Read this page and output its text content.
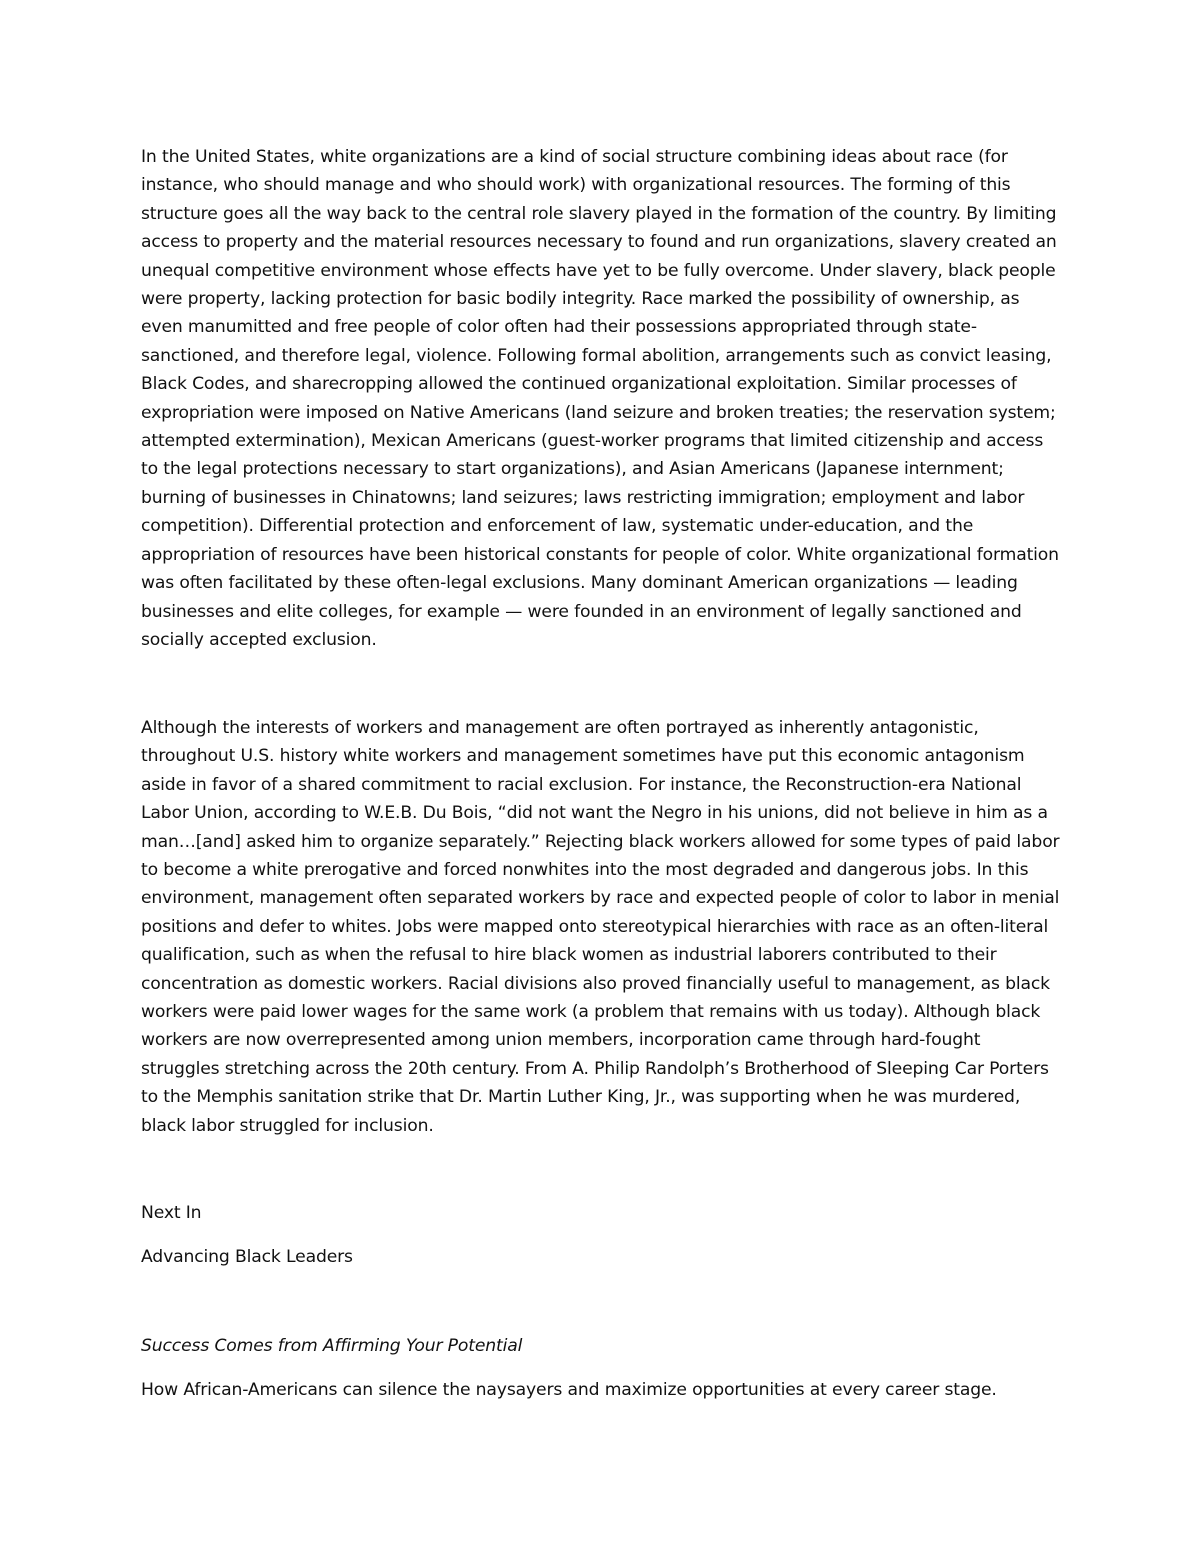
In the United States, white organizations are a kind of social structure combining ideas about race (for instance, who should manage and who should work) with organizational resources. The forming of this structure goes all the way back to the central role slavery played in the formation of the country. By limiting access to property and the material resources necessary to found and run organizations, slavery created an unequal competitive environment whose effects have yet to be fully overcome. Under slavery, black people were property, lacking protection for basic bodily integrity. Race marked the possibility of ownership, as even manumitted and free people of color often had their possessions appropriated through state-sanctioned, and therefore legal, violence. Following formal abolition, arrangements such as convict leasing, Black Codes, and sharecropping allowed the continued organizational exploitation. Similar processes of expropriation were imposed on Native Americans (land seizure and broken treaties; the reservation system; attempted extermination), Mexican Americans (guest-worker programs that limited citizenship and access to the legal protections necessary to start organizations), and Asian Americans (Japanese internment; burning of businesses in Chinatowns; land seizures; laws restricting immigration; employment and labor competition). Differential protection and enforcement of law, systematic under-education, and the appropriation of resources have been historical constants for people of color. White organizational formation was often facilitated by these often-legal exclusions. Many dominant American organizations — leading businesses and elite colleges, for example — were founded in an environment of legally sanctioned and socially accepted exclusion.

Although the interests of workers and management are often portrayed as inherently antagonistic, throughout U.S. history white workers and management sometimes have put this economic antagonism aside in favor of a shared commitment to racial exclusion. For instance, the Reconstruction-era National Labor Union, according to W.E.B. Du Bois, “did not want the Negro in his unions, did not believe in him as a man…[and] asked him to organize separately.” Rejecting black workers allowed for some types of paid labor to become a white prerogative and forced nonwhites into the most degraded and dangerous jobs. In this environment, management often separated workers by race and expected people of color to labor in menial positions and defer to whites. Jobs were mapped onto stereotypical hierarchies with race as an often-literal qualification, such as when the refusal to hire black women as industrial laborers contributed to their concentration as domestic workers. Racial divisions also proved financially useful to management, as black workers were paid lower wages for the same work (a problem that remains with us today). Although black workers are now overrepresented among union members, incorporation came through hard-fought struggles stretching across the 20th century. From A. Philip Randolph’s Brotherhood of Sleeping Car Porters to the Memphis sanitation strike that Dr. Martin Luther King, Jr., was supporting when he was murdered, black labor struggled for inclusion.

Next In

Advancing Black Leaders

Success Comes from Affirming Your Potential

How African-Americans can silence the naysayers and maximize opportunities at every career stage.
